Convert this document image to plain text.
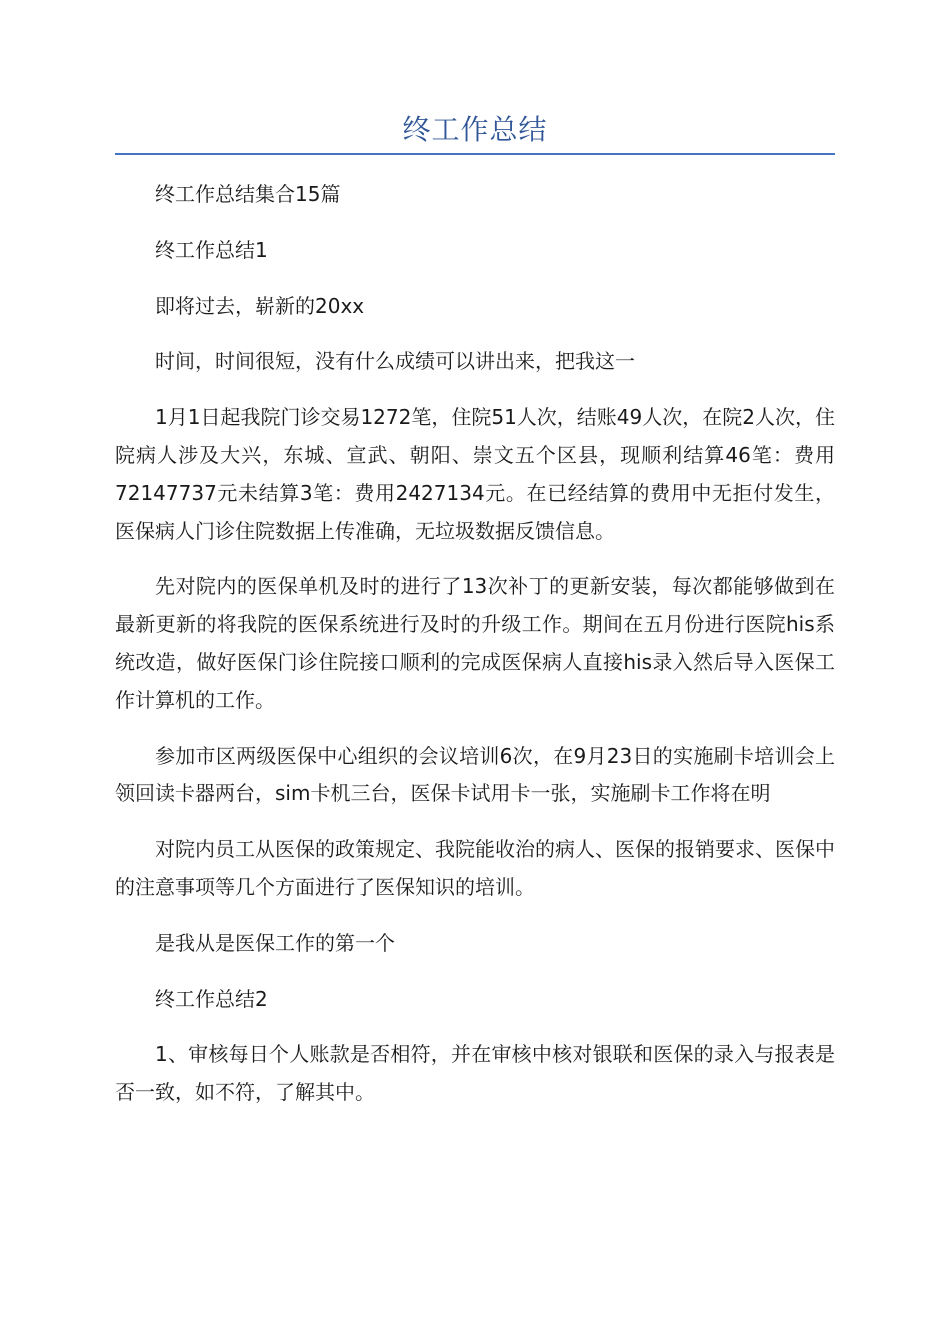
终工作总结

终工作总结集合15篇

终工作总结1

即将过去，崭新的20xx

时间，时间很短，没有什么成绩可以讲出来，把我这一

1月1日起我院门诊交易1272笔，住院51人次，结账49人次，在院2人次，住院病人涉及大兴，东城、宣武、朝阳、崇文五个区县，现顺利结算46笔：费用72147737元未结算3笔：费用2427134元。在已经结算的费用中无拒付发生，医保病人门诊住院数据上传准确，无垃圾数据反馈信息。

先对院内的医保单机及时的进行了13次补丁的更新安装，每次都能够做到在最新更新的将我院的医保系统进行及时的升级工作。期间在五月份进行医院his系统改造，做好医保门诊住院接口顺利的完成医保病人直接his录入然后导入医保工作计算机的工作。

参加市区两级医保中心组织的会议培训6次，在9月23日的实施刷卡培训会上领回读卡器两台，sim卡机三台，医保卡试用卡一张，实施刷卡工作将在明

对院内员工从医保的政策规定、我院能收治的病人、医保的报销要求、医保中的注意事项等几个方面进行了医保知识的培训。

是我从是医保工作的第一个

终工作总结2

1、审核每日个人账款是否相符，并在审核中核对银联和医保的录入与报表是否一致，如不符，了解其中。
